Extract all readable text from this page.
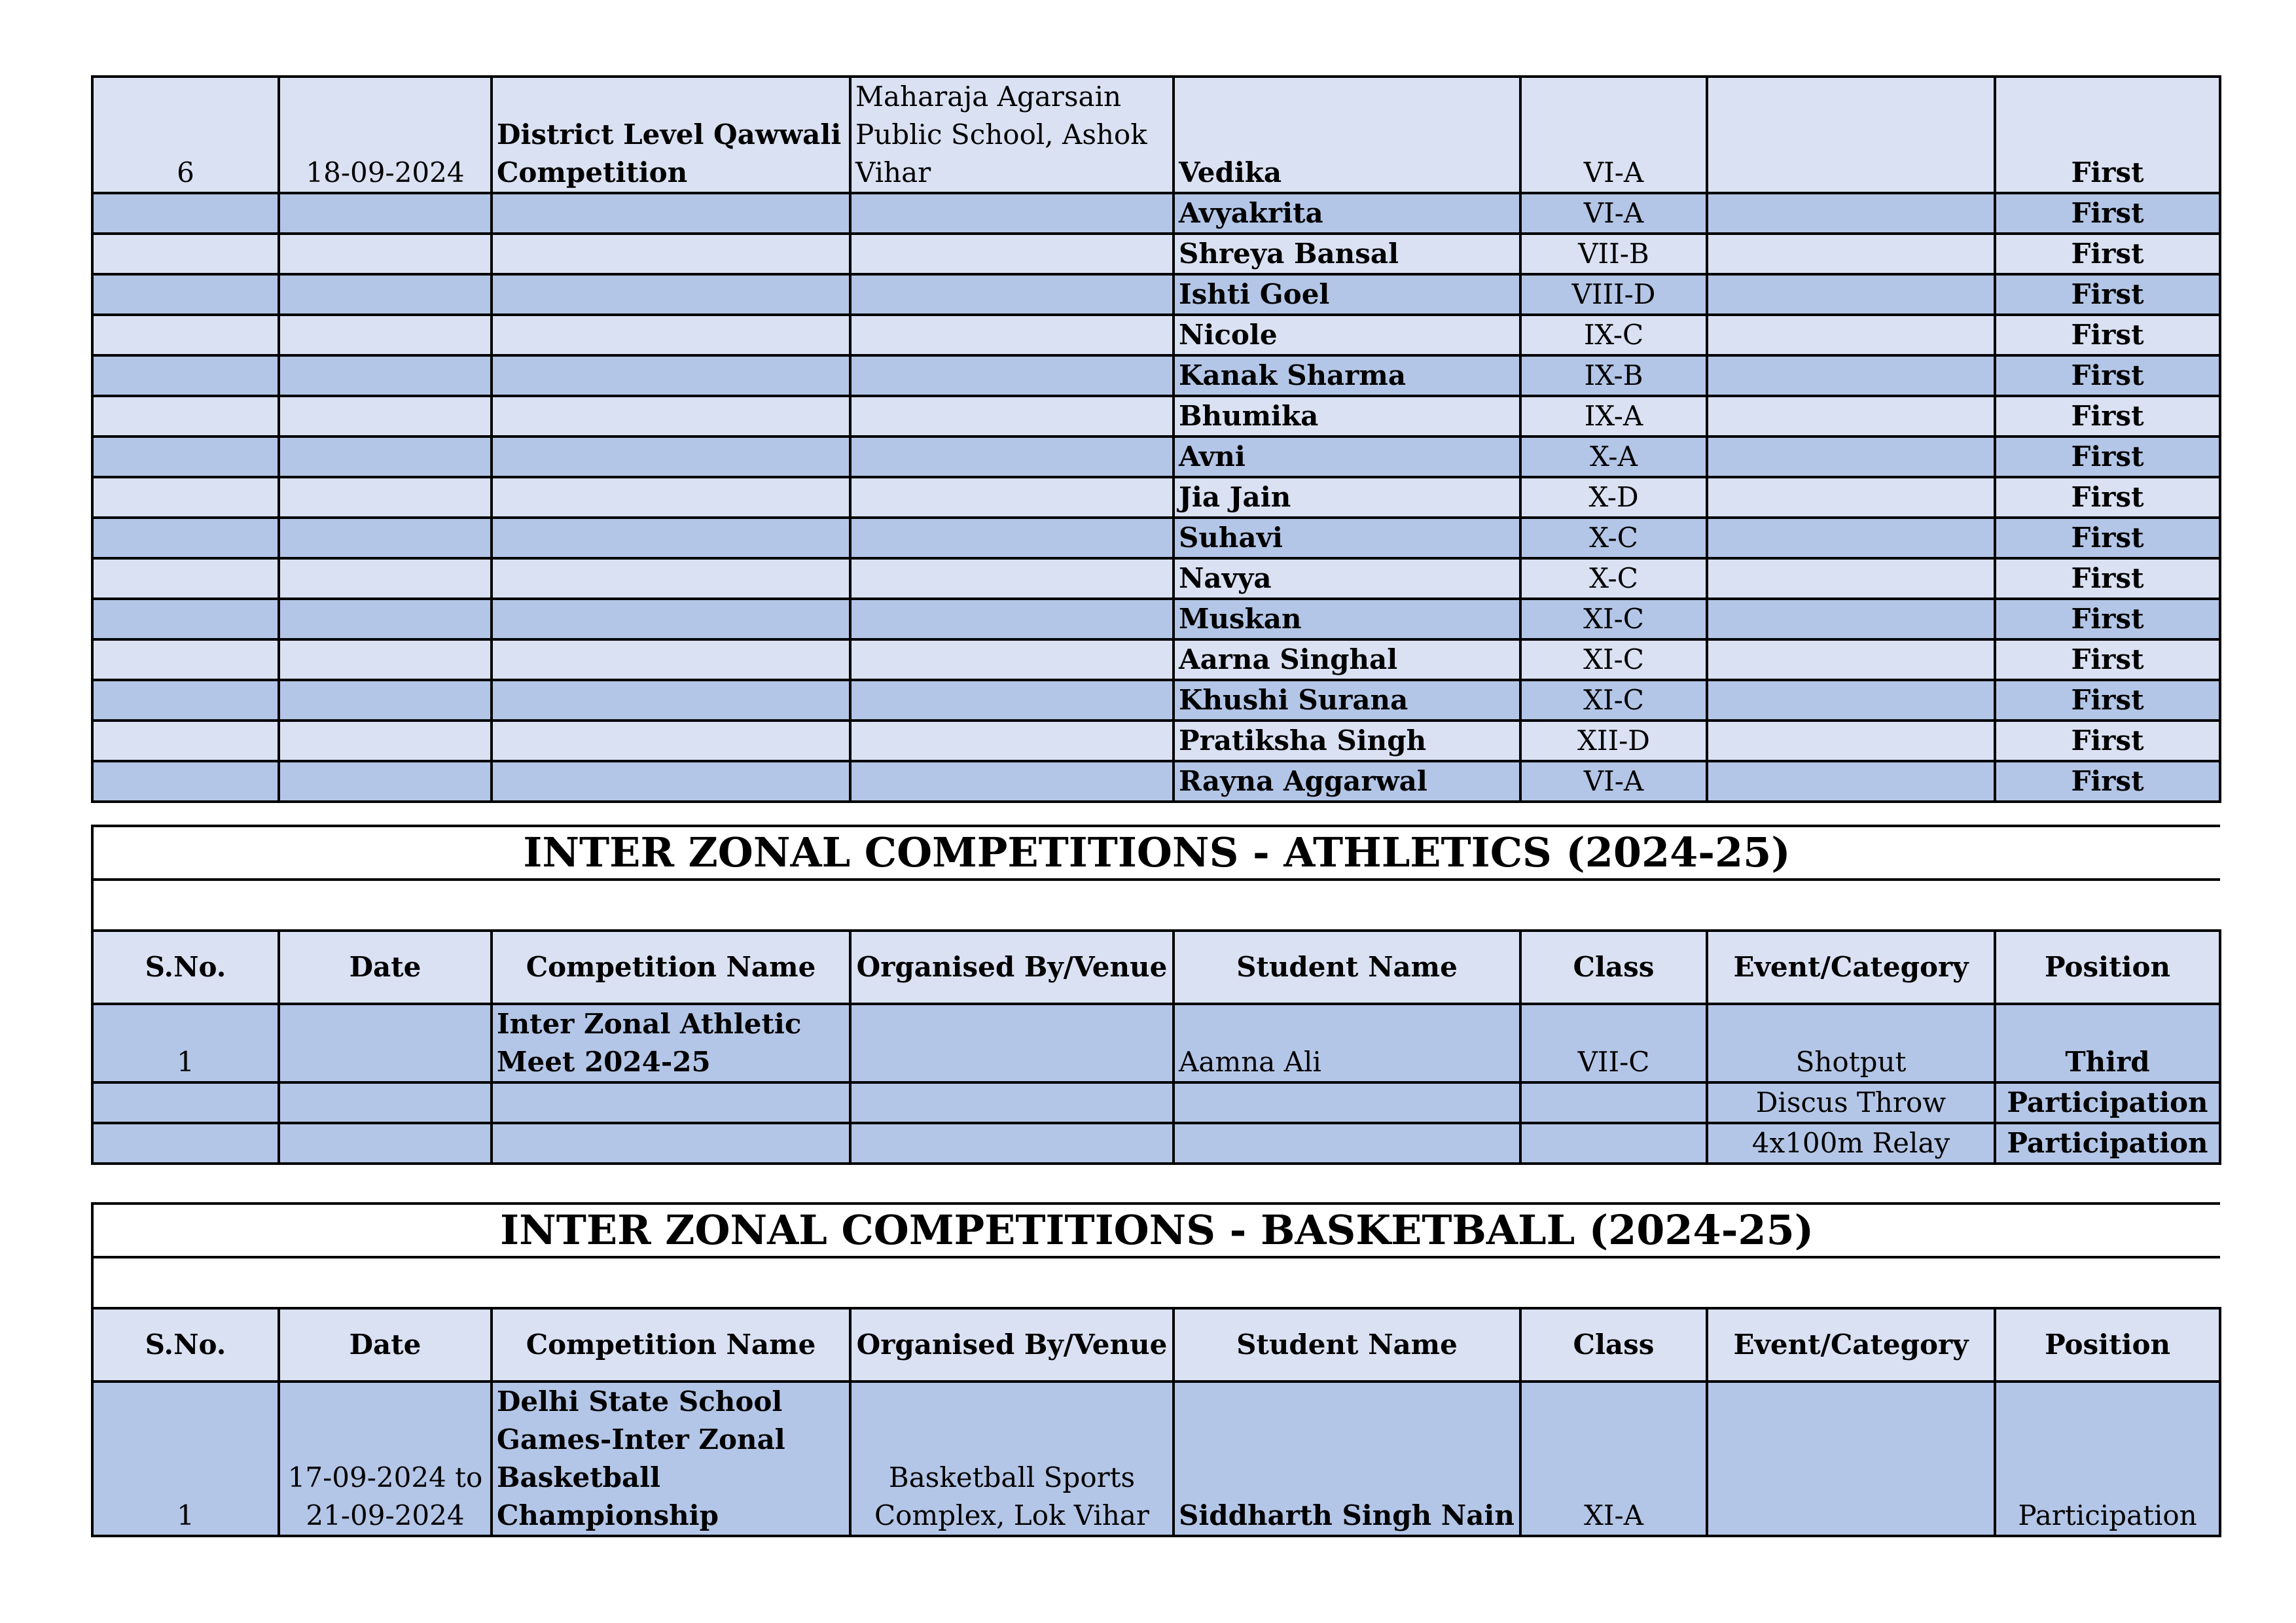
6	18-09-2024	District Level Qawwali Competition	Maharaja Agarsain Public School, Ashok Vihar	Vedika	VI-A		First
				Avyakrita	VI-A		First
				Shreya Bansal	VII-B		First
				Ishti Goel	VIII-D		First
				Nicole	IX-C		First
				Kanak Sharma	IX-B		First
				Bhumika	IX-A		First
				Avni	X-A		First
				Jia Jain	X-D		First
				Suhavi	X-C		First
				Navya	X-C		First
				Muskan	XI-C		First
				Aarna Singhal	XI-C		First
				Khushi Surana	XI-C		First
				Pratiksha Singh	XII-D		First
				Rayna Aggarwal	VI-A		First
INTER ZONAL COMPETITIONS - ATHLETICS (2024-25)							

S.No.	Date	Competition Name	Organised By/Venue	Student Name	Class	Event/Category	Position
1		Inter Zonal Athletic Meet 2024-25		Aamna Ali	VII-C	Shotput	Third
						Discus Throw	Participation
						4x100m Relay	Participation
INTER ZONAL COMPETITIONS - BASKETBALL (2024-25)							

S.No.	Date	Competition Name	Organised By/Venue	Student Name	Class	Event/Category	Position
1	17-09-2024 to 21-09-2024	Delhi State School Games-Inter Zonal Basketball Championship	Basketball Sports Complex, Lok Vihar	Siddharth Singh Nain	XI-A		Participation
